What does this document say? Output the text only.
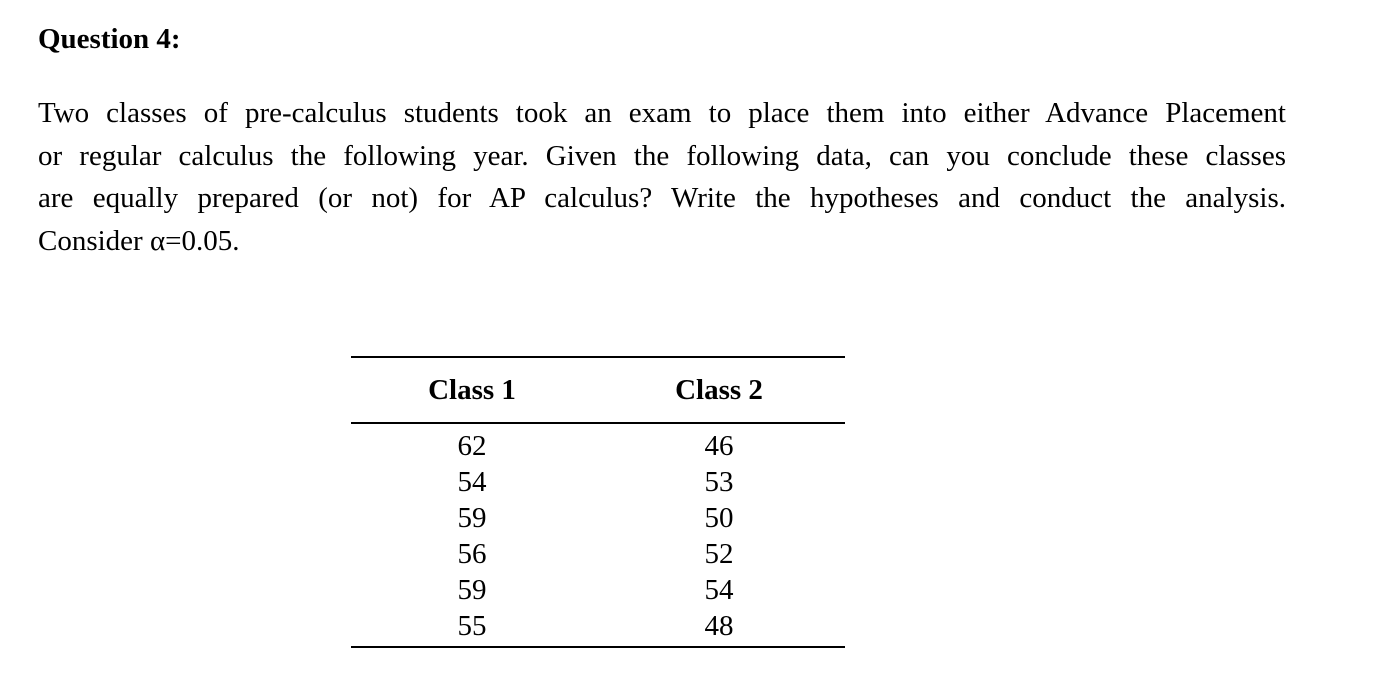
Question 4:

Two classes of pre-calculus students took an exam to place them into either Advance Placement
or regular calculus the following year. Given the following data, can you conclude these classes
are equally prepared (or not) for AP calculus? Write the hypotheses and conduct the analysis.
Consider α=0.05.

Class 1	Class 2
62	46
54	53
59	50
56	52
59	54
55	48
